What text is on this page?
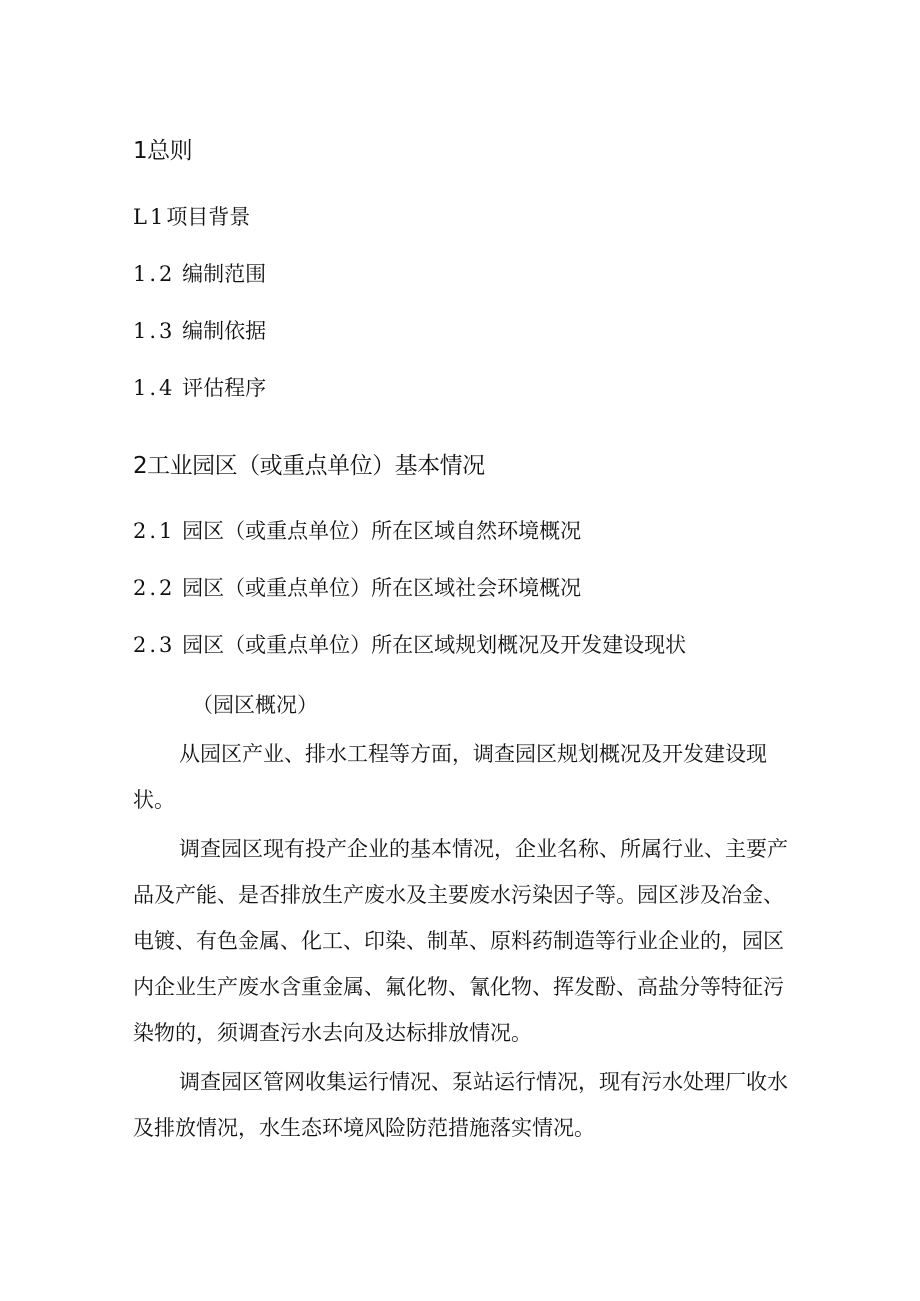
1总则
L1项目背景
1.2 编制范围
1.3 编制依据
1.4 评估程序
2工业园区（或重点单位）基本情况
2.1 园区（或重点单位）所在区域自然环境概况
2.2 园区（或重点单位）所在区域社会环境概况
2.3 园区（或重点单位）所在区域规划概况及开发建设现状
（园区概况）
从园区产业、排水工程等方面，调查园区规划概况及开发建设现状。
调查园区现有投产企业的基本情况，企业名称、所属行业、主要产品及产能、是否排放生产废水及主要废水污染因子等。园区涉及冶金、电镀、有色金属、化工、印染、制革、原料药制造等行业企业的，园区内企业生产废水含重金属、氟化物、氰化物、挥发酚、高盐分等特征污染物的，须调查污水去向及达标排放情况。
调查园区管网收集运行情况、泵站运行情况，现有污水处理厂收水及排放情况，水生态环境风险防范措施落实情况。
